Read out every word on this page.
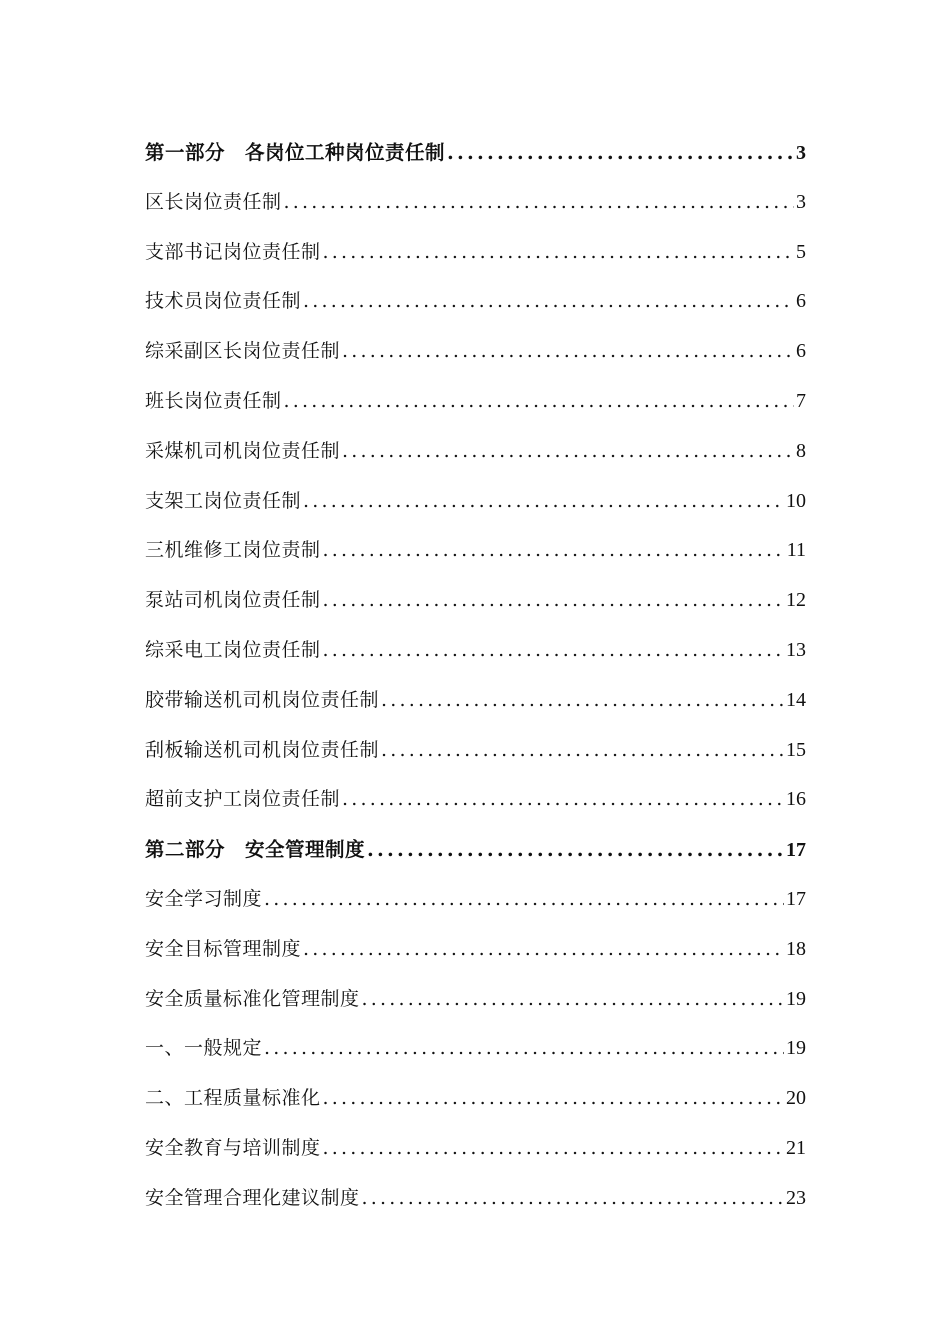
第一部分　各岗位工种岗位责任制 .....	3
区长岗位责任制 .....	3
支部书记岗位责任制 .....	5
技术员岗位责任制 .....	6
综采副区长岗位责任制 .....	6
班长岗位责任制 .....	7
采煤机司机岗位责任制 .....	8
支架工岗位责任制 .....	10
三机维修工岗位责制 .....	11
泵站司机岗位责任制 .....	12
综采电工岗位责任制 .....	13
胶带输送机司机岗位责任制 .....	14
刮板输送机司机岗位责任制 .....	15
超前支护工岗位责任制 .....	16
第二部分　安全管理制度 .....	17
安全学习制度 .....	17
安全目标管理制度 .....	18
安全质量标准化管理制度 .....	19
一、一般规定 .....	19
二、工程质量标准化 .....	20
安全教育与培训制度 .....	21
安全管理合理化建议制度 .....	23
